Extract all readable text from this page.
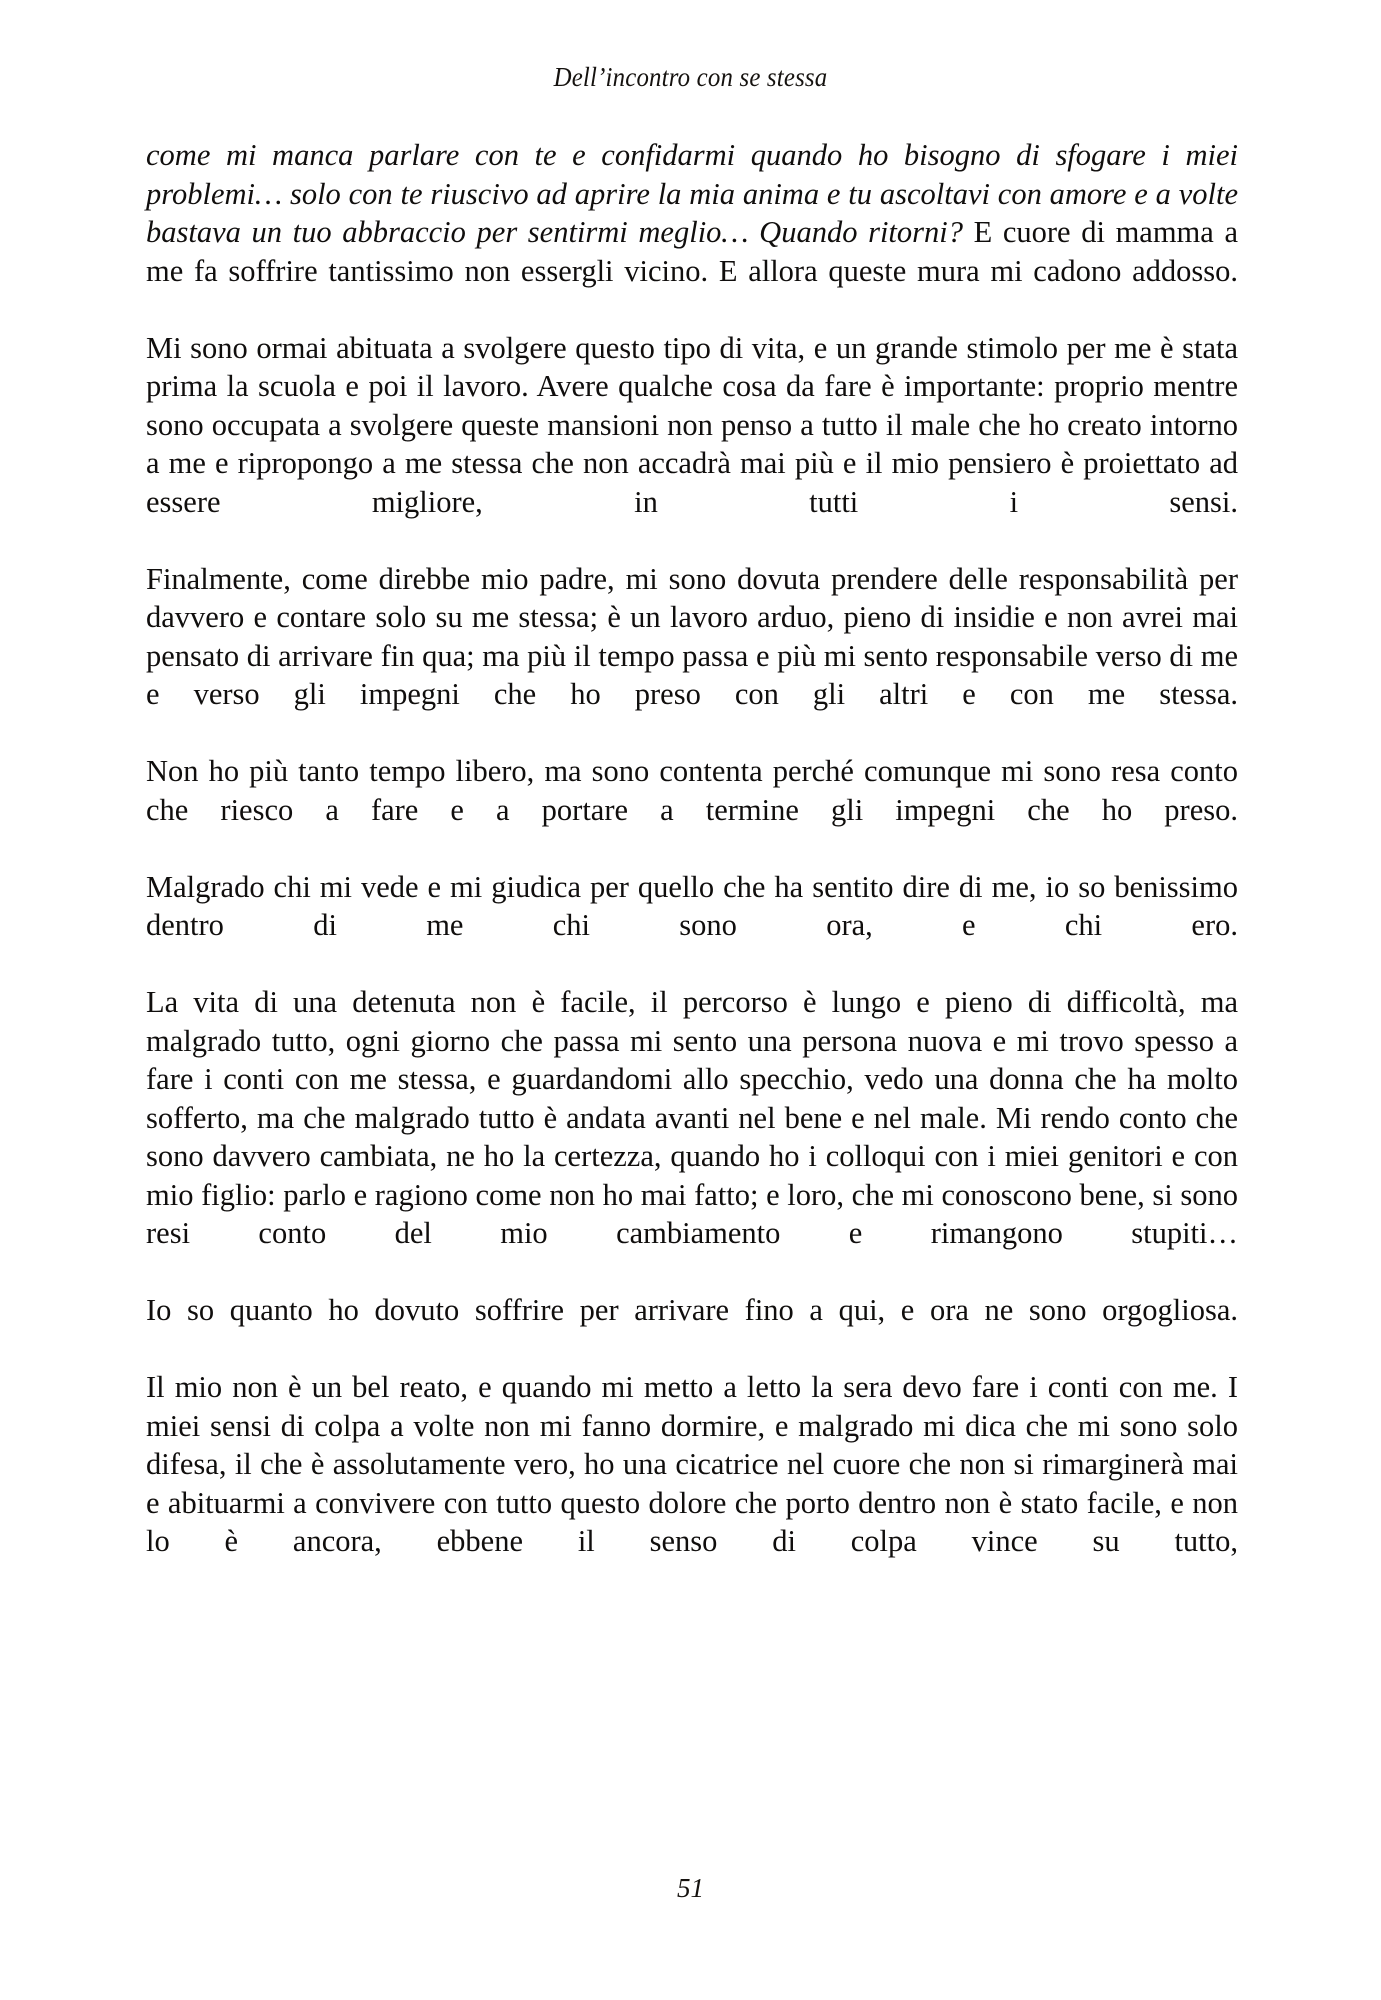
Dell’incontro con se stessa

come mi manca parlare con te e confidarmi quando ho bisogno di sfogare i miei problemi… solo con te riuscivo ad aprire la mia anima e tu ascoltavi con amore e a volte bastava un tuo abbraccio per sentirmi meglio… Quando ritorni? E cuore di mamma a me fa soffrire tantissimo non essergli vicino. E allora queste mura mi cadono addosso.

Mi sono ormai abituata a svolgere questo tipo di vita, e un grande stimolo per me è stata prima la scuola e poi il lavoro. Avere qualche cosa da fare è importante: proprio mentre sono occupata a svolgere queste mansioni non penso a tutto il male che ho creato intorno a me e ripropongo a me stessa che non accadrà mai più e il mio pensiero è proiettato ad essere migliore, in tutti i sensi.

Finalmente, come direbbe mio padre, mi sono dovuta prendere delle responsabilità per davvero e contare solo su me stessa; è un lavoro arduo, pieno di insidie e non avrei mai pensato di arrivare fin qua; ma più il tempo passa e più mi sento responsabile verso di me e verso gli impegni che ho preso con gli altri e con me stessa.

Non ho più tanto tempo libero, ma sono contenta perché comunque mi sono resa conto che riesco a fare e a portare a termine gli impegni che ho preso.

Malgrado chi mi vede e mi giudica per quello che ha sentito dire di me, io so benissimo dentro di me chi sono ora, e chi ero.

La vita di una detenuta non è facile, il percorso è lungo e pieno di difficoltà, ma malgrado tutto, ogni giorno che passa mi sento una persona nuova e mi trovo spesso a fare i conti con me stessa, e guardandomi allo specchio, vedo una donna che ha molto sofferto, ma che malgrado tutto è andata avanti nel bene e nel male. Mi rendo conto che sono davvero cambiata, ne ho la certezza, quando ho i colloqui con i miei genitori e con mio figlio: parlo e ragiono come non ho mai fatto; e loro, che mi conoscono bene, si sono resi conto del mio cambiamento e rimangono stupiti…

Io so quanto ho dovuto soffrire per arrivare fino a qui, e ora ne sono orgogliosa.

Il mio non è un bel reato, e quando mi metto a letto la sera devo fare i conti con me. I miei sensi di colpa a volte non mi fanno dormire, e malgrado mi dica che mi sono solo difesa, il che è assolutamente vero, ho una cicatrice nel cuore che non si rimarginerà mai e abituarmi a convivere con tutto questo dolore che porto dentro non è stato facile, e non lo è ancora, ebbene il senso di colpa vince su tutto,

51
